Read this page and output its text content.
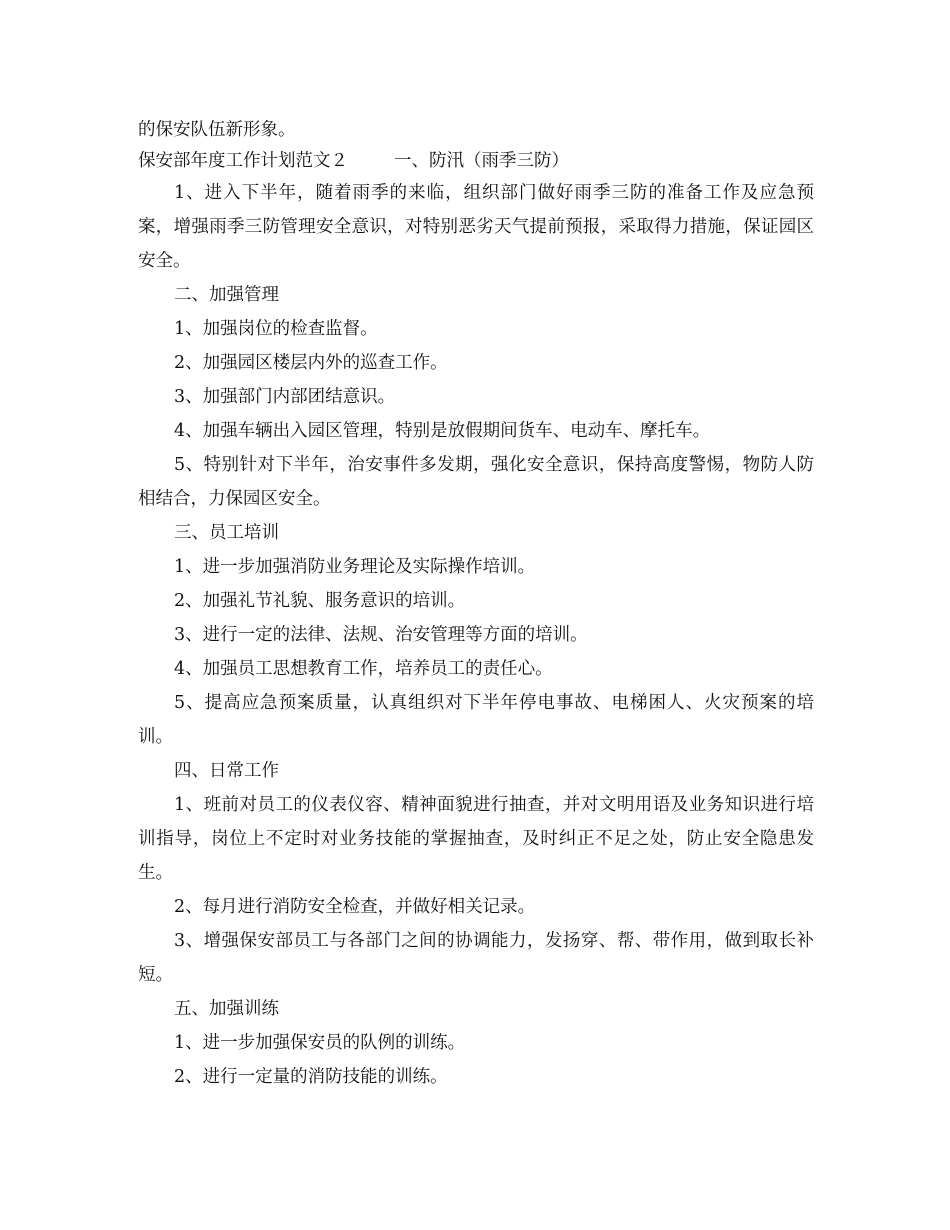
的保安队伍新形象。

保安部年度工作计划范文２	一、防汛（雨季三防）

1、进入下半年，随着雨季的来临，组织部门做好雨季三防的准备工作及应急预案，增强雨季三防管理安全意识，对特别恶劣天气提前预报，采取得力措施，保证园区安全。

二、加强管理

1、加强岗位的检查监督。

2、加强园区楼层内外的巡查工作。

3、加强部门内部团结意识。

4、加强车辆出入园区管理，特别是放假期间货车、电动车、摩托车。

5、特别针对下半年，治安事件多发期，强化安全意识，保持高度警惕，物防人防相结合，力保园区安全。

三、员工培训

1、进一步加强消防业务理论及实际操作培训。

2、加强礼节礼貌、服务意识的培训。

3、进行一定的法律、法规、治安管理等方面的培训。

4、加强员工思想教育工作，培养员工的责任心。

5、提高应急预案质量，认真组织对下半年停电事故、电梯困人、火灾预案的培训。

四、日常工作

1、班前对员工的仪表仪容、精神面貌进行抽查，并对文明用语及业务知识进行培训指导，岗位上不定时对业务技能的掌握抽查，及时纠正不足之处，防止安全隐患发生。

2、每月进行消防安全检查，并做好相关记录。

3、增强保安部员工与各部门之间的协调能力，发扬穿、帮、带作用，做到取长补短。

五、加强训练

1、进一步加强保安员的队例的训练。

2、进行一定量的消防技能的训练。
